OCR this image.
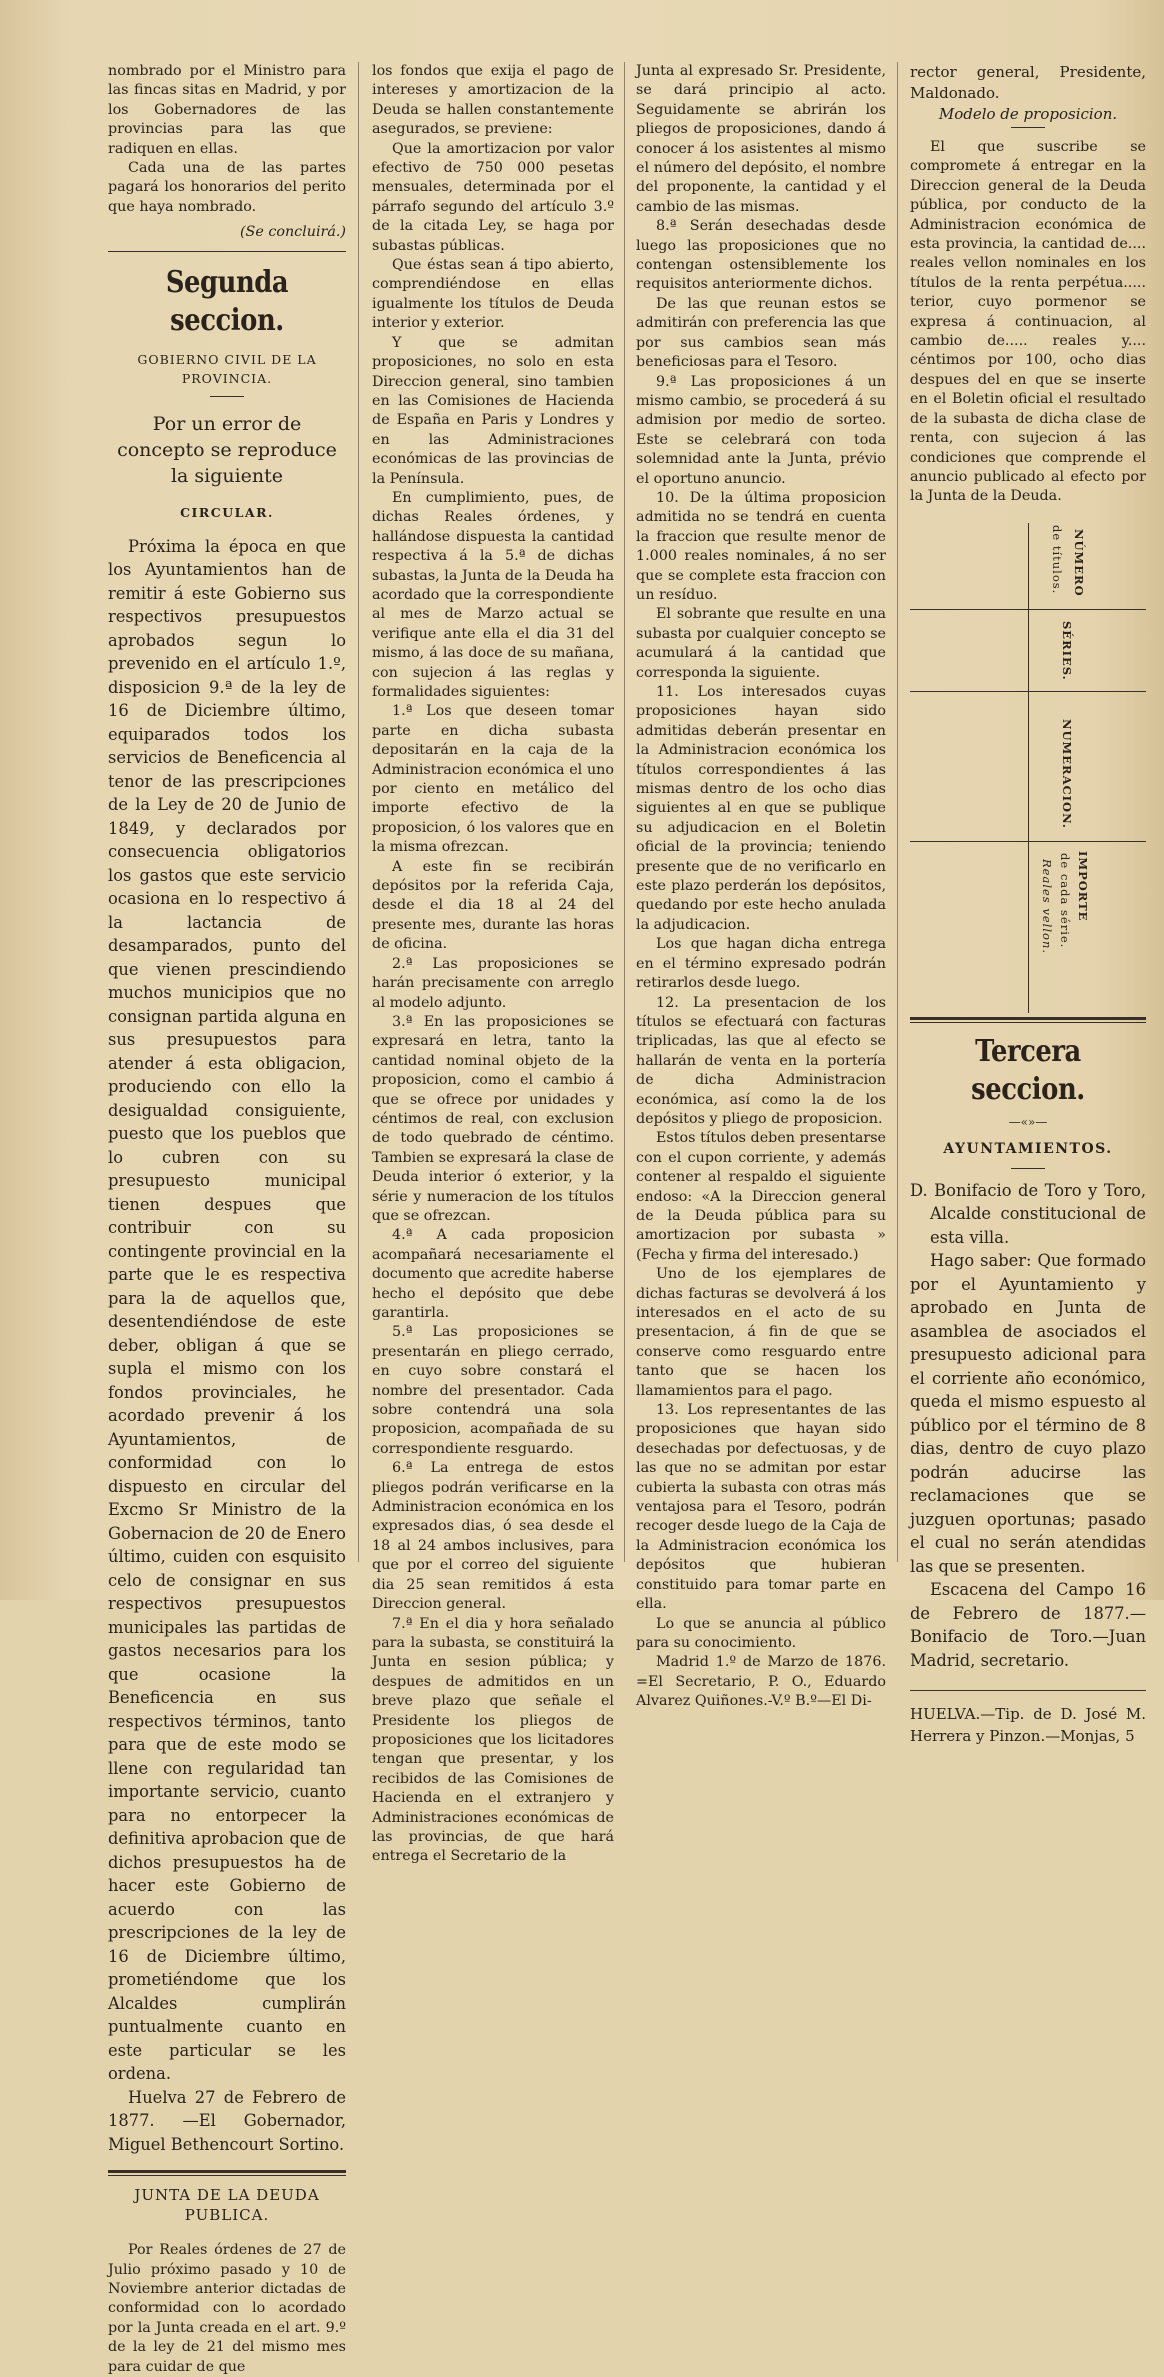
nombrado por el Ministro para las fincas sitas en Madrid, y por los Gobernadores de las provincias para las que radiquen en ellas.

Cada una de las partes pagará los honorarios del perito que haya nombrado.

(Se concluirá.)

Segunda seccion.

GOBIERNO CIVIL DE LA PROVINCIA.

Por un error de concepto se reproduce la siguiente

CIRCULAR.

Próxima la época en que los Ayuntamientos han de remitir á este Gobierno sus respectivos presupuestos aprobados segun lo prevenido en el artículo 1.º, disposicion 9.ª de la ley de 16 de Diciembre último, equiparados todos los servicios de Beneficencia al tenor de las prescripciones de la Ley de 20 de Junio de 1849, y declarados por consecuencia obligatorios los gastos que este servicio ocasiona en lo respectivo á la lactancia de desamparados, punto del que vienen prescindiendo muchos municipios que no consignan partida alguna en sus presupuestos para atender á esta obligacion, produciendo con ello la desigualdad consiguiente, puesto que los pueblos que lo cubren con su presupuesto municipal tienen despues que contribuir con su contingente provincial en la parte que le es respectiva para la de aquellos que, desentendiéndose de este deber, obligan á que se supla el mismo con los fondos provinciales, he acordado prevenir á los Ayuntamientos, de conformidad con lo dispuesto en circular del Excmo Sr Ministro de la Gobernacion de 20 de Enero último, cuiden con esquisito celo de consignar en sus respectivos presupuestos municipales las partidas de gastos necesarios para los que ocasione la Beneficencia en sus respectivos términos, tanto para que de este modo se llene con regularidad tan importante servicio, cuanto para no entorpecer la definitiva aprobacion que de dichos presupuestos ha de hacer este Gobierno de acuerdo con las prescripciones de la ley de 16 de Diciembre último, prometiéndome que los Alcaldes cumplirán puntualmente cuanto en este particular se les ordena.

Huelva 27 de Febrero de 1877. —El Gobernador, Miguel Bethencourt Sortino.

JUNTA DE LA DEUDA PUBLICA.

Por Reales órdenes de 27 de Julio próximo pasado y 10 de Noviembre anterior dictadas de conformidad con lo acordado por la Junta creada en el art. 9.º de la ley de 21 del mismo mes para cuidar de que

los fondos que exija el pago de intereses y amortizacion de la Deuda se hallen constantemente asegurados, se previene:

Que la amortizacion por valor efectivo de 750 000 pesetas mensuales, determinada por el párrafo segundo del artículo 3.º de la citada Ley, se haga por subastas públicas.

Que éstas sean á tipo abierto, comprendiéndose en ellas igualmente los títulos de Deuda interior y exterior.

Y que se admitan proposiciones, no solo en esta Direccion general, sino tambien en las Comisiones de Hacienda de España en Paris y Londres y en las Administraciones económicas de las provincias de la Península.

En cumplimiento, pues, de dichas Reales órdenes, y hallándose dispuesta la cantidad respectiva á la 5.ª de dichas subastas, la Junta de la Deuda ha acordado que la correspondiente al mes de Marzo actual se verifique ante ella el dia 31 del mismo, á las doce de su mañana, con sujecion á las reglas y formalidades siguientes:

1.ª Los que deseen tomar parte en dicha subasta depositarán en la caja de la Administracion económica el uno por ciento en metálico del importe efectivo de la proposicion, ó los valores que en la misma ofrezcan.

A este fin se recibirán depósitos por la referida Caja, desde el dia 18 al 24 del presente mes, durante las horas de oficina.

2.ª Las proposiciones se harán precisamente con arreglo al modelo adjunto.

3.ª En las proposiciones se expresará en letra, tanto la cantidad nominal objeto de la proposicion, como el cambio á que se ofrece por unidades y céntimos de real, con exclusion de todo quebrado de céntimo. Tambien se expresará la clase de Deuda interior ó exterior, y la série y numeracion de los títulos que se ofrezcan.

4.ª A cada proposicion acompañará necesariamente el documento que acredite haberse hecho el depósito que debe garantirla.

5.ª Las proposiciones se presentarán en pliego cerrado, en cuyo sobre constará el nombre del presentador. Cada sobre contendrá una sola proposicion, acompañada de su correspondiente resguardo.

6.ª La entrega de estos pliegos podrán verificarse en la Administracion económica en los expresados dias, ó sea desde el 18 al 24 ambos inclusives, para que por el correo del siguiente dia 25 sean remitidos á esta Direccion general.

7.ª En el dia y hora señalado para la subasta, se constituirá la Junta en sesion pública; y despues de admitidos en un breve plazo que señale el Presidente los pliegos de proposiciones que los licitadores tengan que presentar, y los recibidos de las Comisiones de Hacienda en el extranjero y Administraciones económicas de las provincias, de que hará entrega el Secretario de la

Junta al expresado Sr. Presidente, se dará principio al acto. Seguidamente se abrirán los pliegos de proposiciones, dando á conocer á los asistentes al mismo el número del depósito, el nombre del proponente, la cantidad y el cambio de las mismas.

8.ª Serán desechadas desde luego las proposiciones que no contengan ostensiblemente los requisitos anteriormente dichos.

De las que reunan estos se admitirán con preferencia las que por sus cambios sean más beneficiosas para el Tesoro.

9.ª Las proposiciones á un mismo cambio, se procederá á su admision por medio de sorteo. Este se celebrará con toda solemnidad ante la Junta, prévio el oportuno anuncio.

10. De la última proposicion admitida no se tendrá en cuenta la fraccion que resulte menor de 1.000 reales nominales, á no ser que se complete esta fraccion con un resíduo.

El sobrante que resulte en una subasta por cualquier concepto se acumulará á la cantidad que corresponda la siguiente.

11. Los interesados cuyas proposiciones hayan sido admitidas deberán presentar en la Administracion económica los títulos correspondientes á las mismas dentro de los ocho dias siguientes al en que se publique su adjudicacion en el Boletin oficial de la provincia; teniendo presente que de no verificarlo en este plazo perderán los depósitos, quedando por este hecho anulada la adjudicacion.

Los que hagan dicha entrega en el término expresado podrán retirarlos desde luego.

12. La presentacion de los títulos se efectuará con facturas triplicadas, las que al efecto se hallarán de venta en la portería de dicha Administracion económica, así como la de los depósitos y pliego de proposicion.

Estos títulos deben presentarse con el cupon corriente, y además contener al respaldo el siguiente endoso: «A la Direccion general de la Deuda pública para su amortizacion por subasta » (Fecha y firma del interesado.)

Uno de los ejemplares de dichas facturas se devolverá á los interesados en el acto de su presentacion, á fin de que se conserve como resguardo entre tanto que se hacen los llamamientos para el pago.

13. Los representantes de las proposiciones que hayan sido desechadas por defectuosas, y de las que no se admitan por estar cubierta la subasta con otras más ventajosa para el Tesoro, podrán recoger desde luego de la Caja de la Administracion económica los depósitos que hubieran constituido para tomar parte en ella.

Lo que se anuncia al público para su conocimiento.

Madrid 1.º de Marzo de 1876. =El Secretario, P. O., Eduardo Alvarez Quiñones.-V.º B.º—El Di-

rector general, Presidente, Maldonado.

Modelo de proposicion.

El que suscribe se compromete á entregar en la Direccion general de la Deuda pública, por conducto de la Administracion económica de esta provincia, la cantidad de.... reales vellon nominales en los títulos de la renta perpétua..... terior, cuyo pormenor se expresa á continuacion, al cambio de..... reales y.... céntimos por 100, ocho dias despues del en que se inserte en el Boletin oficial el resultado de la subasta de dicha clase de renta, con sujecion á las condiciones que comprende el anuncio publicado al efecto por la Junta de la Deuda.

NÚMERO
de títulos.
SÉRIES.
NUMERACION.
IMPORTE
de cada série.
Reales vellon.
Tercera seccion.

—«»—

AYUNTAMIENTOS.

D. Bonifacio de Toro y Toro, Alcalde constitucional de esta villa.

Hago saber: Que formado por el Ayuntamiento y aprobado en Junta de asamblea de asociados el presupuesto adicional para el corriente año económico, queda el mismo espuesto al público por el término de 8 dias, dentro de cuyo plazo podrán aducirse las reclamaciones que se juzguen oportunas; pasado el cual no serán atendidas las que se presenten.

Escacena del Campo 16 de Febrero de 1877.—Bonifacio de Toro.—Juan Madrid, secretario.

HUELVA.—Tip. de D. José M. Herrera y Pinzon.—Monjas, 5
